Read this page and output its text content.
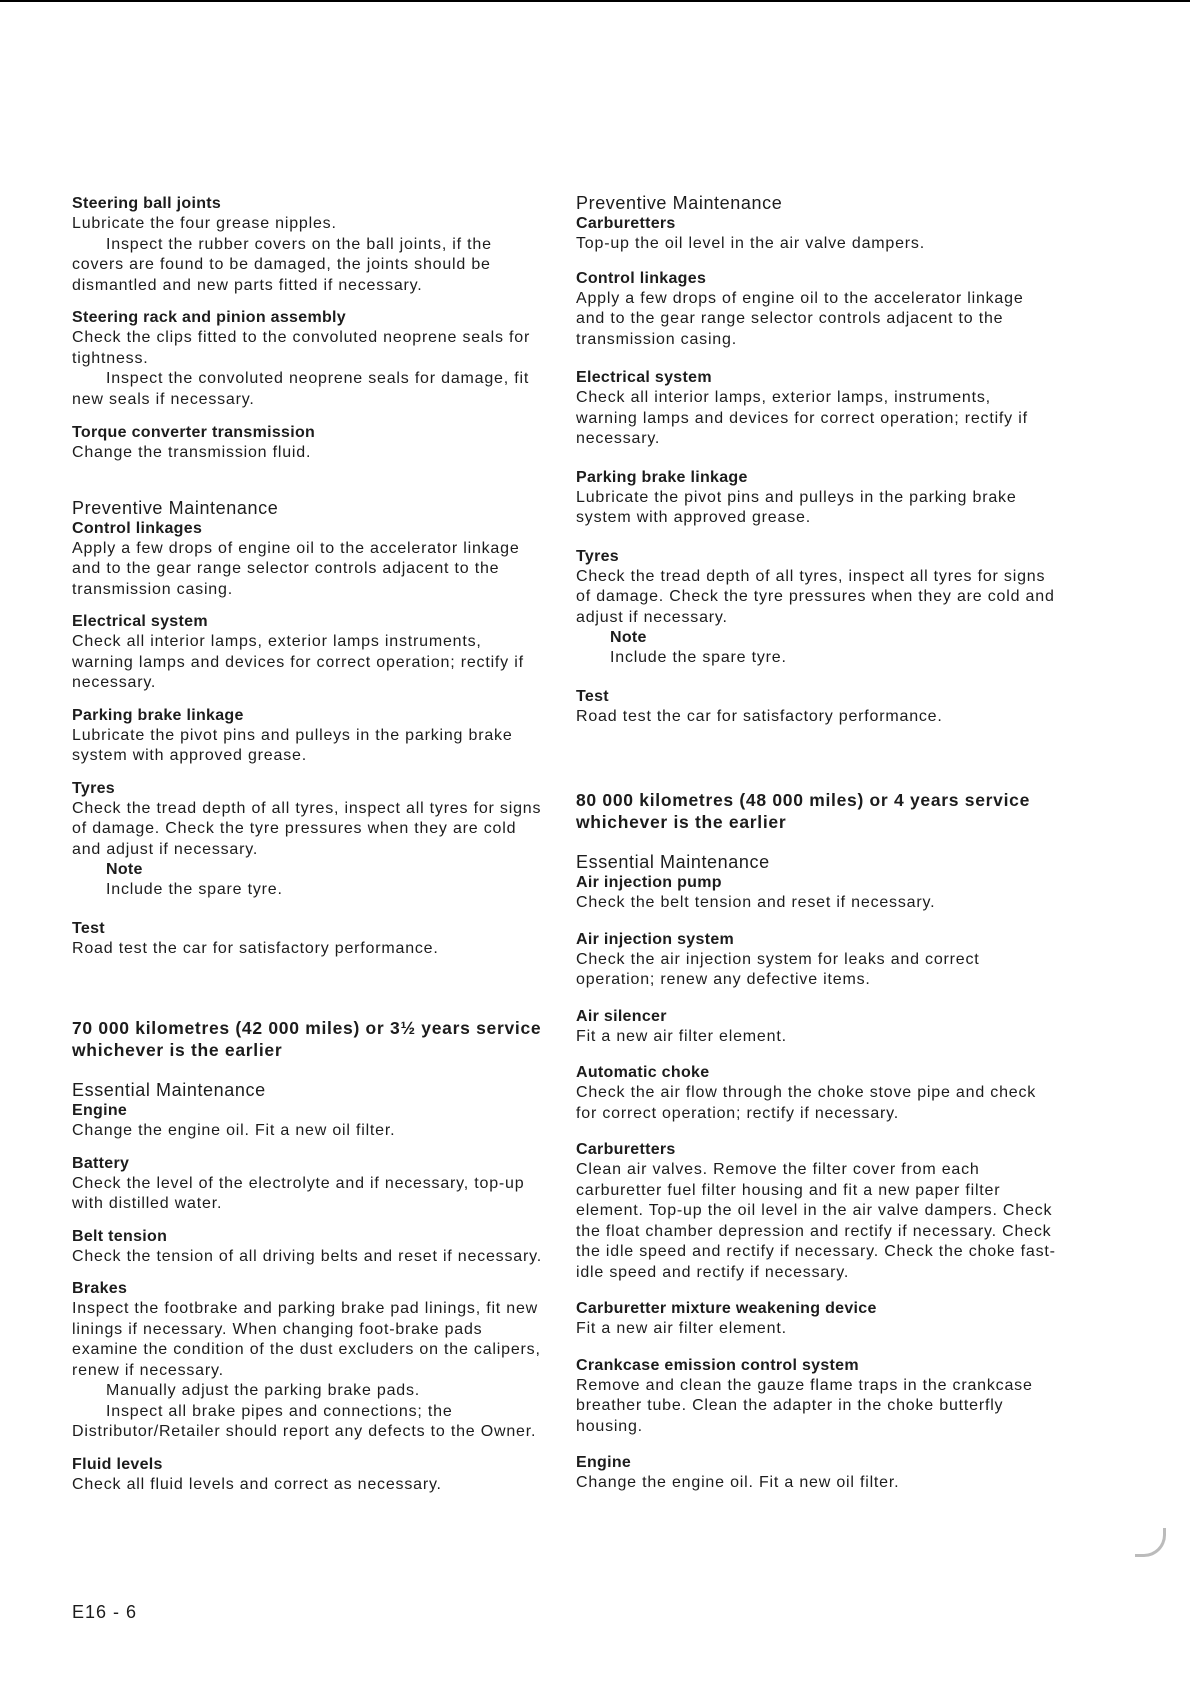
Steering ball joints
Lubricate the four grease nipples.
Inspect the rubber covers on the ball joints, if the covers are found to be damaged, the joints should be dismantled and new parts fitted if necessary.
Steering rack and pinion assembly
Check the clips fitted to the convoluted neoprene seals for tightness.
Inspect the convoluted neoprene seals for damage, fit new seals if necessary.
Torque converter transmission
Change the transmission fluid.
Preventive Maintenance
Control linkages
Apply a few drops of engine oil to the accelerator linkage and to the gear range selector controls adjacent to the transmission casing.
Electrical system
Check all interior lamps, exterior lamps instruments, warning lamps and devices for correct operation; rectify if necessary.
Parking brake linkage
Lubricate the pivot pins and pulleys in the parking brake system with approved grease.
Tyres
Check the tread depth of all tyres, inspect all tyres for signs of damage. Check the tyre pressures when they are cold and adjust if necessary.
Note
Include the spare tyre.
Test
Road test the car for satisfactory performance.
70 000 kilometres (42 000 miles) or 3½ years service whichever is the earlier
Essential Maintenance
Engine
Change the engine oil. Fit a new oil filter.
Battery
Check the level of the electrolyte and if necessary, top-up with distilled water.
Belt tension
Check the tension of all driving belts and reset if necessary.
Brakes
Inspect the footbrake and parking brake pad linings, fit new linings if necessary. When changing foot-brake pads examine the condition of the dust excluders on the calipers, renew if necessary.
Manually adjust the parking brake pads.
Inspect all brake pipes and connections; the Distributor/Retailer should report any defects to the Owner.
Fluid levels
Check all fluid levels and correct as necessary.
Preventive Maintenance
Carburetters
Top-up the oil level in the air valve dampers.
Control linkages
Apply a few drops of engine oil to the accelerator linkage and to the gear range selector controls adjacent to the transmission casing.
Electrical system
Check all interior lamps, exterior lamps, instruments, warning lamps and devices for correct operation; rectify if necessary.
Parking brake linkage
Lubricate the pivot pins and pulleys in the parking brake system with approved grease.
Tyres
Check the tread depth of all tyres, inspect all tyres for signs of damage. Check the tyre pressures when they are cold and adjust if necessary.
Note
Include the spare tyre.
Test
Road test the car for satisfactory performance.
80 000 kilometres (48 000 miles) or 4 years service whichever is the earlier
Essential Maintenance
Air injection pump
Check the belt tension and reset if necessary.
Air injection system
Check the air injection system for leaks and correct operation; renew any defective items.
Air silencer
Fit a new air filter element.
Automatic choke
Check the air flow through the choke stove pipe and check for correct operation; rectify if necessary.
Carburetters
Clean air valves. Remove the filter cover from each carburetter fuel filter housing and fit a new paper filter element. Top-up the oil level in the air valve dampers. Check the float chamber depression and rectify if necessary. Check the idle speed and rectify if necessary. Check the choke fast-idle speed and rectify if necessary.
Carburetter mixture weakening device
Fit a new air filter element.
Crankcase emission control system
Remove and clean the gauze flame traps in the crankcase breather tube. Clean the adapter in the choke butterfly housing.
Engine
Change the engine oil. Fit a new oil filter.
E16 - 6
